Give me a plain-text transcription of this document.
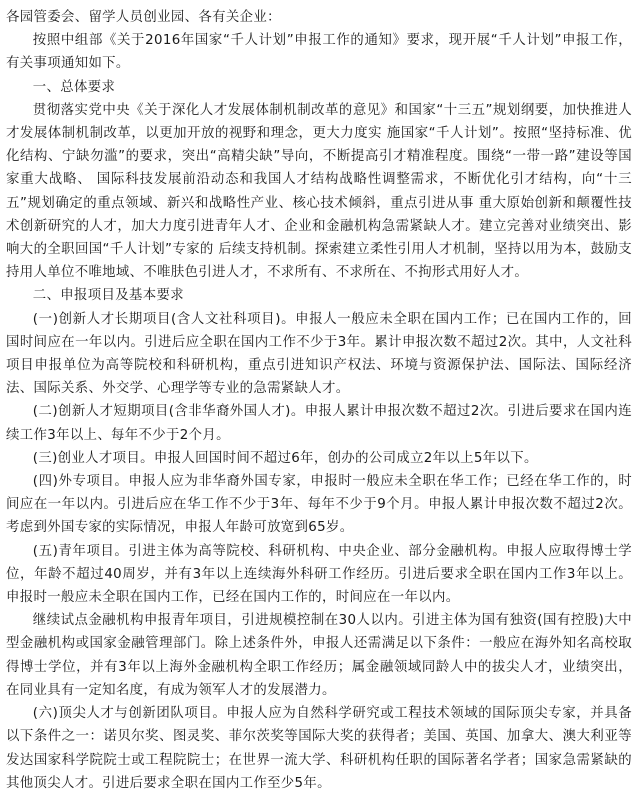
各园管委会、留学人员创业园、各有关企业：

按照中组部《关于2016年国家“千人计划”申报工作的通知》要求，现开展“千人计划”申报工作，有关事项通知如下。

一、总体要求

贯彻落实党中央《关于深化人才发展体制机制改革的意见》和国家“十三五”规划纲要，加快推进人才发展体制机制改革，以更加开放的视野和理念，更大力度实 施国家“千人计划”。按照“坚持标准、优化结构、宁缺勿滥”的要求，突出“高精尖缺”导向，不断提高引才精准程度。围绕“一带一路”建设等国家重大战略、 国际科技发展前沿动态和我国人才结构战略性调整需求，不断优化引才结构，向“十三五”规划确定的重点领域、新兴和战略性产业、核心技术倾斜，重点引进从事 重大原始创新和颠覆性技术创新研究的人才，加大力度引进青年人才、企业和金融机构急需紧缺人才。建立完善对业绩突出、影响大的全职回国“千人计划”专家的 后续支持机制。探索建立柔性引用人才机制，坚持以用为本，鼓励支持用人单位不唯地域、不唯肤色引进人才，不求所有、不求所在、不拘形式用好人才。

二、申报项目及基本要求

(一)创新人才长期项目(含人文社科项目)。申报人一般应未全职在国内工作；已在国内工作的，回国时间应在一年以内。引进后应全职在国内工作不少于3年。累计申报次数不超过2次。其中，人文社科项目申报单位为高等院校和科研机构，重点引进知识产权法、环境与资源保护法、国际法、国际经济法、国际关系、外交学、心理学等专业的急需紧缺人才。

(二)创新人才短期项目(含非华裔外国人才)。申报人累计申报次数不超过2次。引进后要求在国内连续工作3年以上、每年不少于2个月。

(三)创业人才项目。申报人回国时间不超过6年，创办的公司成立2年以上5年以下。

(四)外专项目。申报人应为非华裔外国专家，申报时一般应未全职在华工作；已经在华工作的，时间应在一年以内。引进后应在华工作不少于3年、每年不少于9个月。申报人累计申报次数不超过2次。考虑到外国专家的实际情况，申报人年龄可放宽到65岁。

(五)青年项目。引进主体为高等院校、科研机构、中央企业、部分金融机构。申报人应取得博士学位，年龄不超过40周岁，并有3年以上连续海外科研工作经历。引进后要求全职在国内工作3年以上。申报时一般应未全职在国内工作，已经在国内工作的，时间应在一年以内。

继续试点金融机构申报青年项目，引进规模控制在30人以内。引进主体为国有独资(国有控股)大中型金融机构或国家金融管理部门。除上述条件外，申报人还需满足以下条件：一般应在海外知名高校取得博士学位，并有3年以上海外金融机构全职工作经历；属金融领域同龄人中的拔尖人才，业绩突出，在同业具有一定知名度，有成为领军人才的发展潜力。

(六)顶尖人才与创新团队项目。申报人应为自然科学研究或工程技术领域的国际顶尖专家，并具备以下条件之一：诺贝尔奖、图灵奖、菲尔茨奖等国际大奖的获得者；美国、英国、加拿大、澳大利亚等发达国家科学院院士或工程院院士；在世界一流大学、科研机构任职的国际著名学者；国家急需紧缺的其他顶尖人才。引进后要求全职在国内工作至少5年。
